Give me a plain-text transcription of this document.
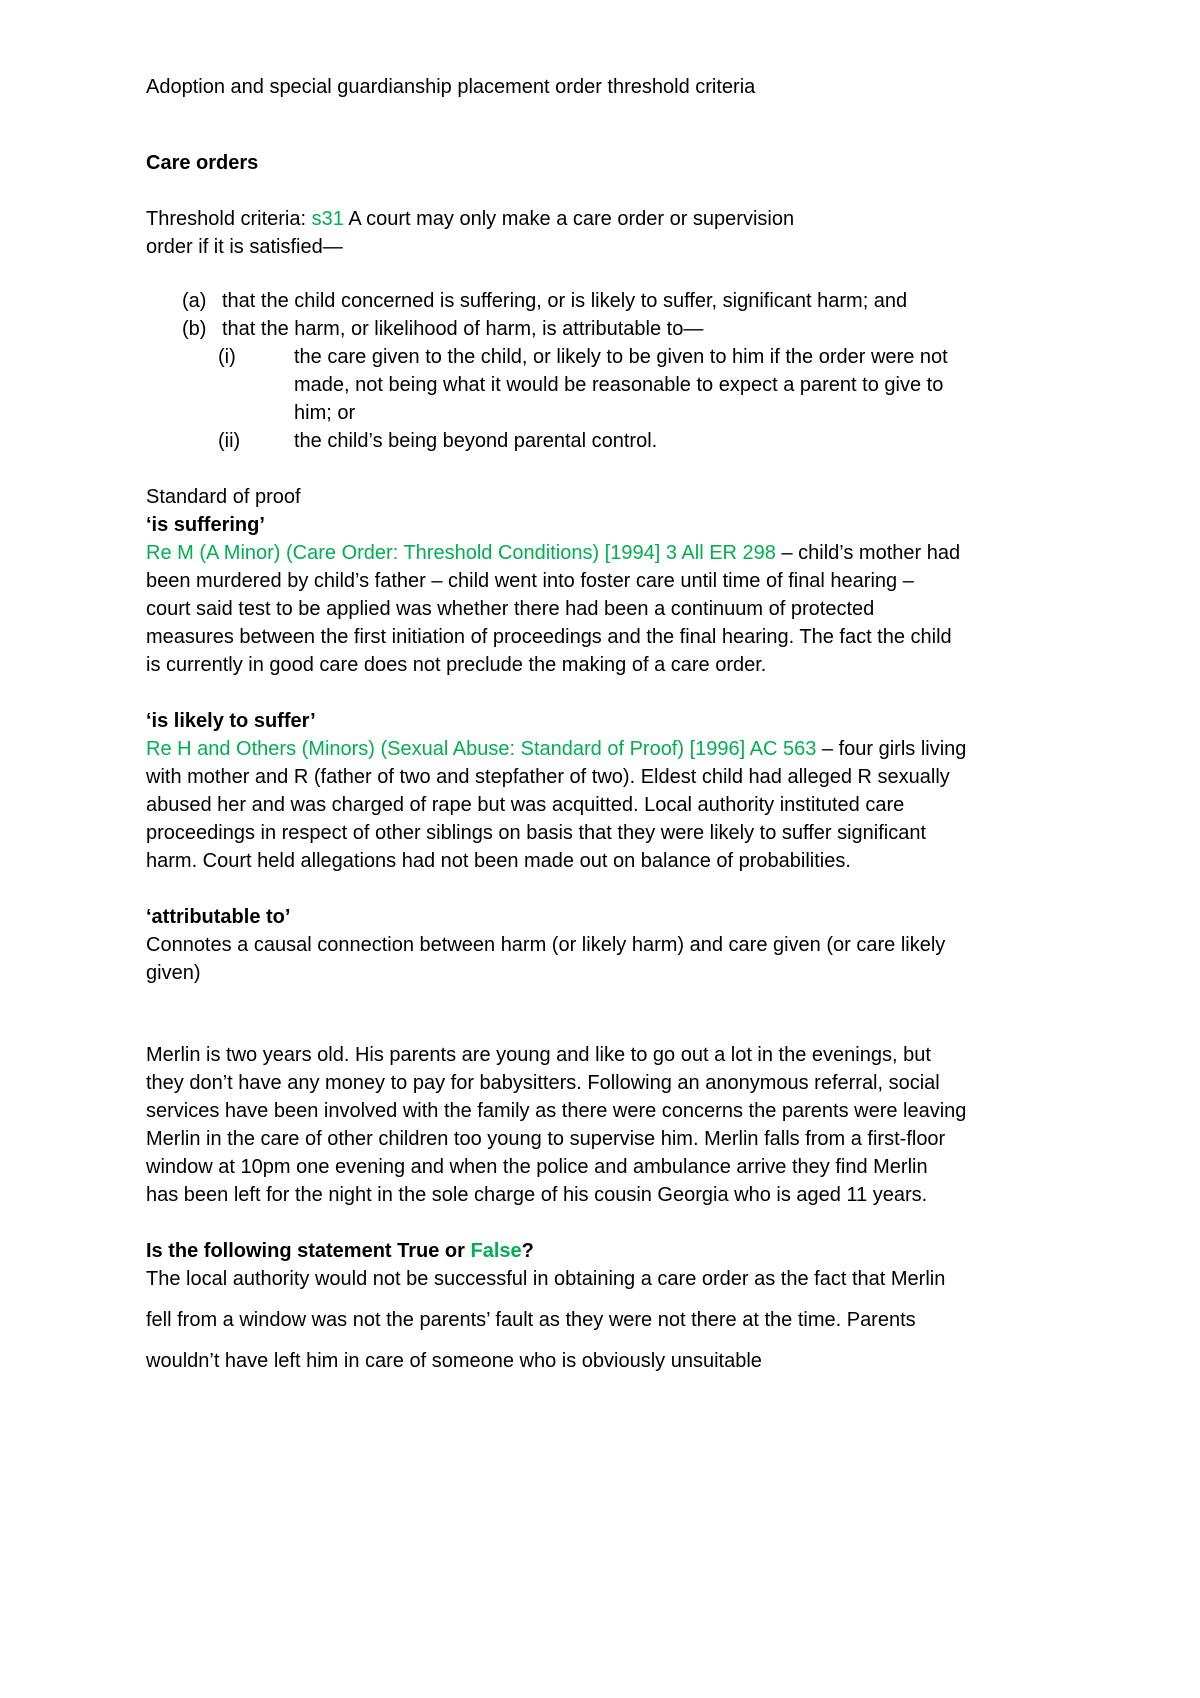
Adoption and special guardianship placement order threshold criteria
Care orders
Threshold criteria: s31 A court may only make a care order or supervision
order if it is satisfied—
(a) that the child concerned is suffering, or is likely to suffer, significant harm; and
(b) that the harm, or likelihood of harm, is attributable to—
(i)	the care given to the child, or likely to be given to him if the order were not
made, not being what it would be reasonable to expect a parent to give to
him; or
(ii)	the child’s being beyond parental control.
Standard of proof
‘is suffering’
Re M (A Minor) (Care Order: Threshold Conditions) [1994] 3 All ER 298 – child’s mother had
been murdered by child’s father – child went into foster care until time of final hearing –
court said test to be applied was whether there had been a continuum of protected
measures between the first initiation of proceedings and the final hearing. The fact the child
is currently in good care does not preclude the making of a care order.
‘is likely to suffer’
Re H and Others (Minors) (Sexual Abuse: Standard of Proof) [1996] AC 563 – four girls living
with mother and R (father of two and stepfather of two). Eldest child had alleged R sexually
abused her and was charged of rape but was acquitted. Local authority instituted care
proceedings in respect of other siblings on basis that they were likely to suffer significant
harm. Court held allegations had not been made out on balance of probabilities.
‘attributable to’
Connotes a causal connection between harm (or likely harm) and care given (or care likely
given)
Merlin is two years old. His parents are young and like to go out a lot in the evenings, but
they don’t have any money to pay for babysitters. Following an anonymous referral, social
services have been involved with the family as there were concerns the parents were leaving
Merlin in the care of other children too young to supervise him. Merlin falls from a first-floor
window at 10pm one evening and when the police and ambulance arrive they find Merlin
has been left for the night in the sole charge of his cousin Georgia who is aged 11 years.
Is the following statement True or False?
The local authority would not be successful in obtaining a care order as the fact that Merlin
fell from a window was not the parents’ fault as they were not there at the time. Parents
wouldn’t have left him in care of someone who is obviously unsuitable
